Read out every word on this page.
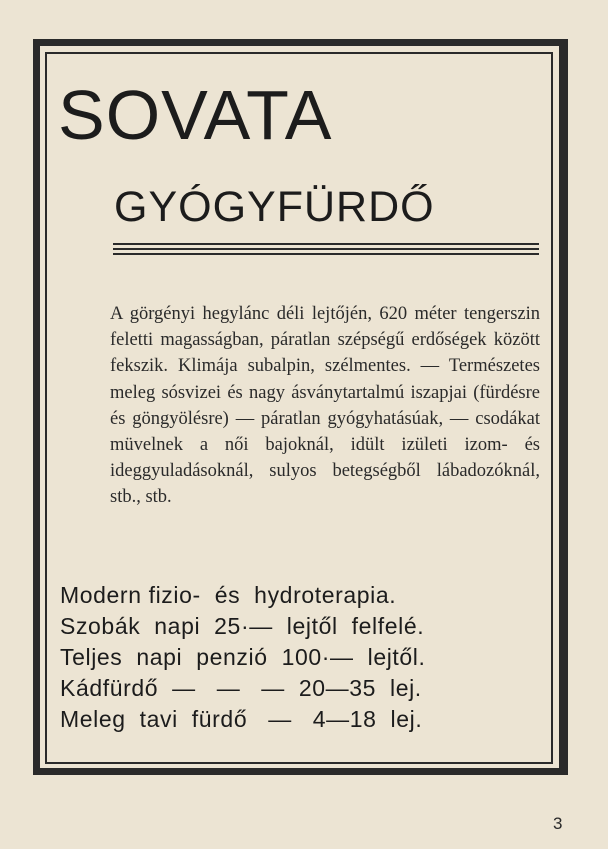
SOVATA
GYÓGYFÜRDŐ

A görgényi hegylánc déli lejtőjén, 620 méter tengerszin feletti magasságban, páratlan szépségű erdőségek között fekszik. Klimája subalpin, szélmentes. — Természetes meleg sósvizei és nagy ásványtartalmú iszapjai (fürdésre és göngyölésre) — páratlan gyógyhatásúak, — csodákat müvelnek a női bajoknál, idült izületi izom- és ideggyuladásoknál, sulyos betegségből lábadozóknál, stb., stb.

Modern fizio-  és  hydroterapia.

Szobák  napi  25·—  lejtől  felfelé.

Teljes  napi  penzió  100·—  lejtől.

Kádfürdő  —   —   —  20—35  lej.

Meleg  tavi  fürdő   —   4—18  lej.

3
